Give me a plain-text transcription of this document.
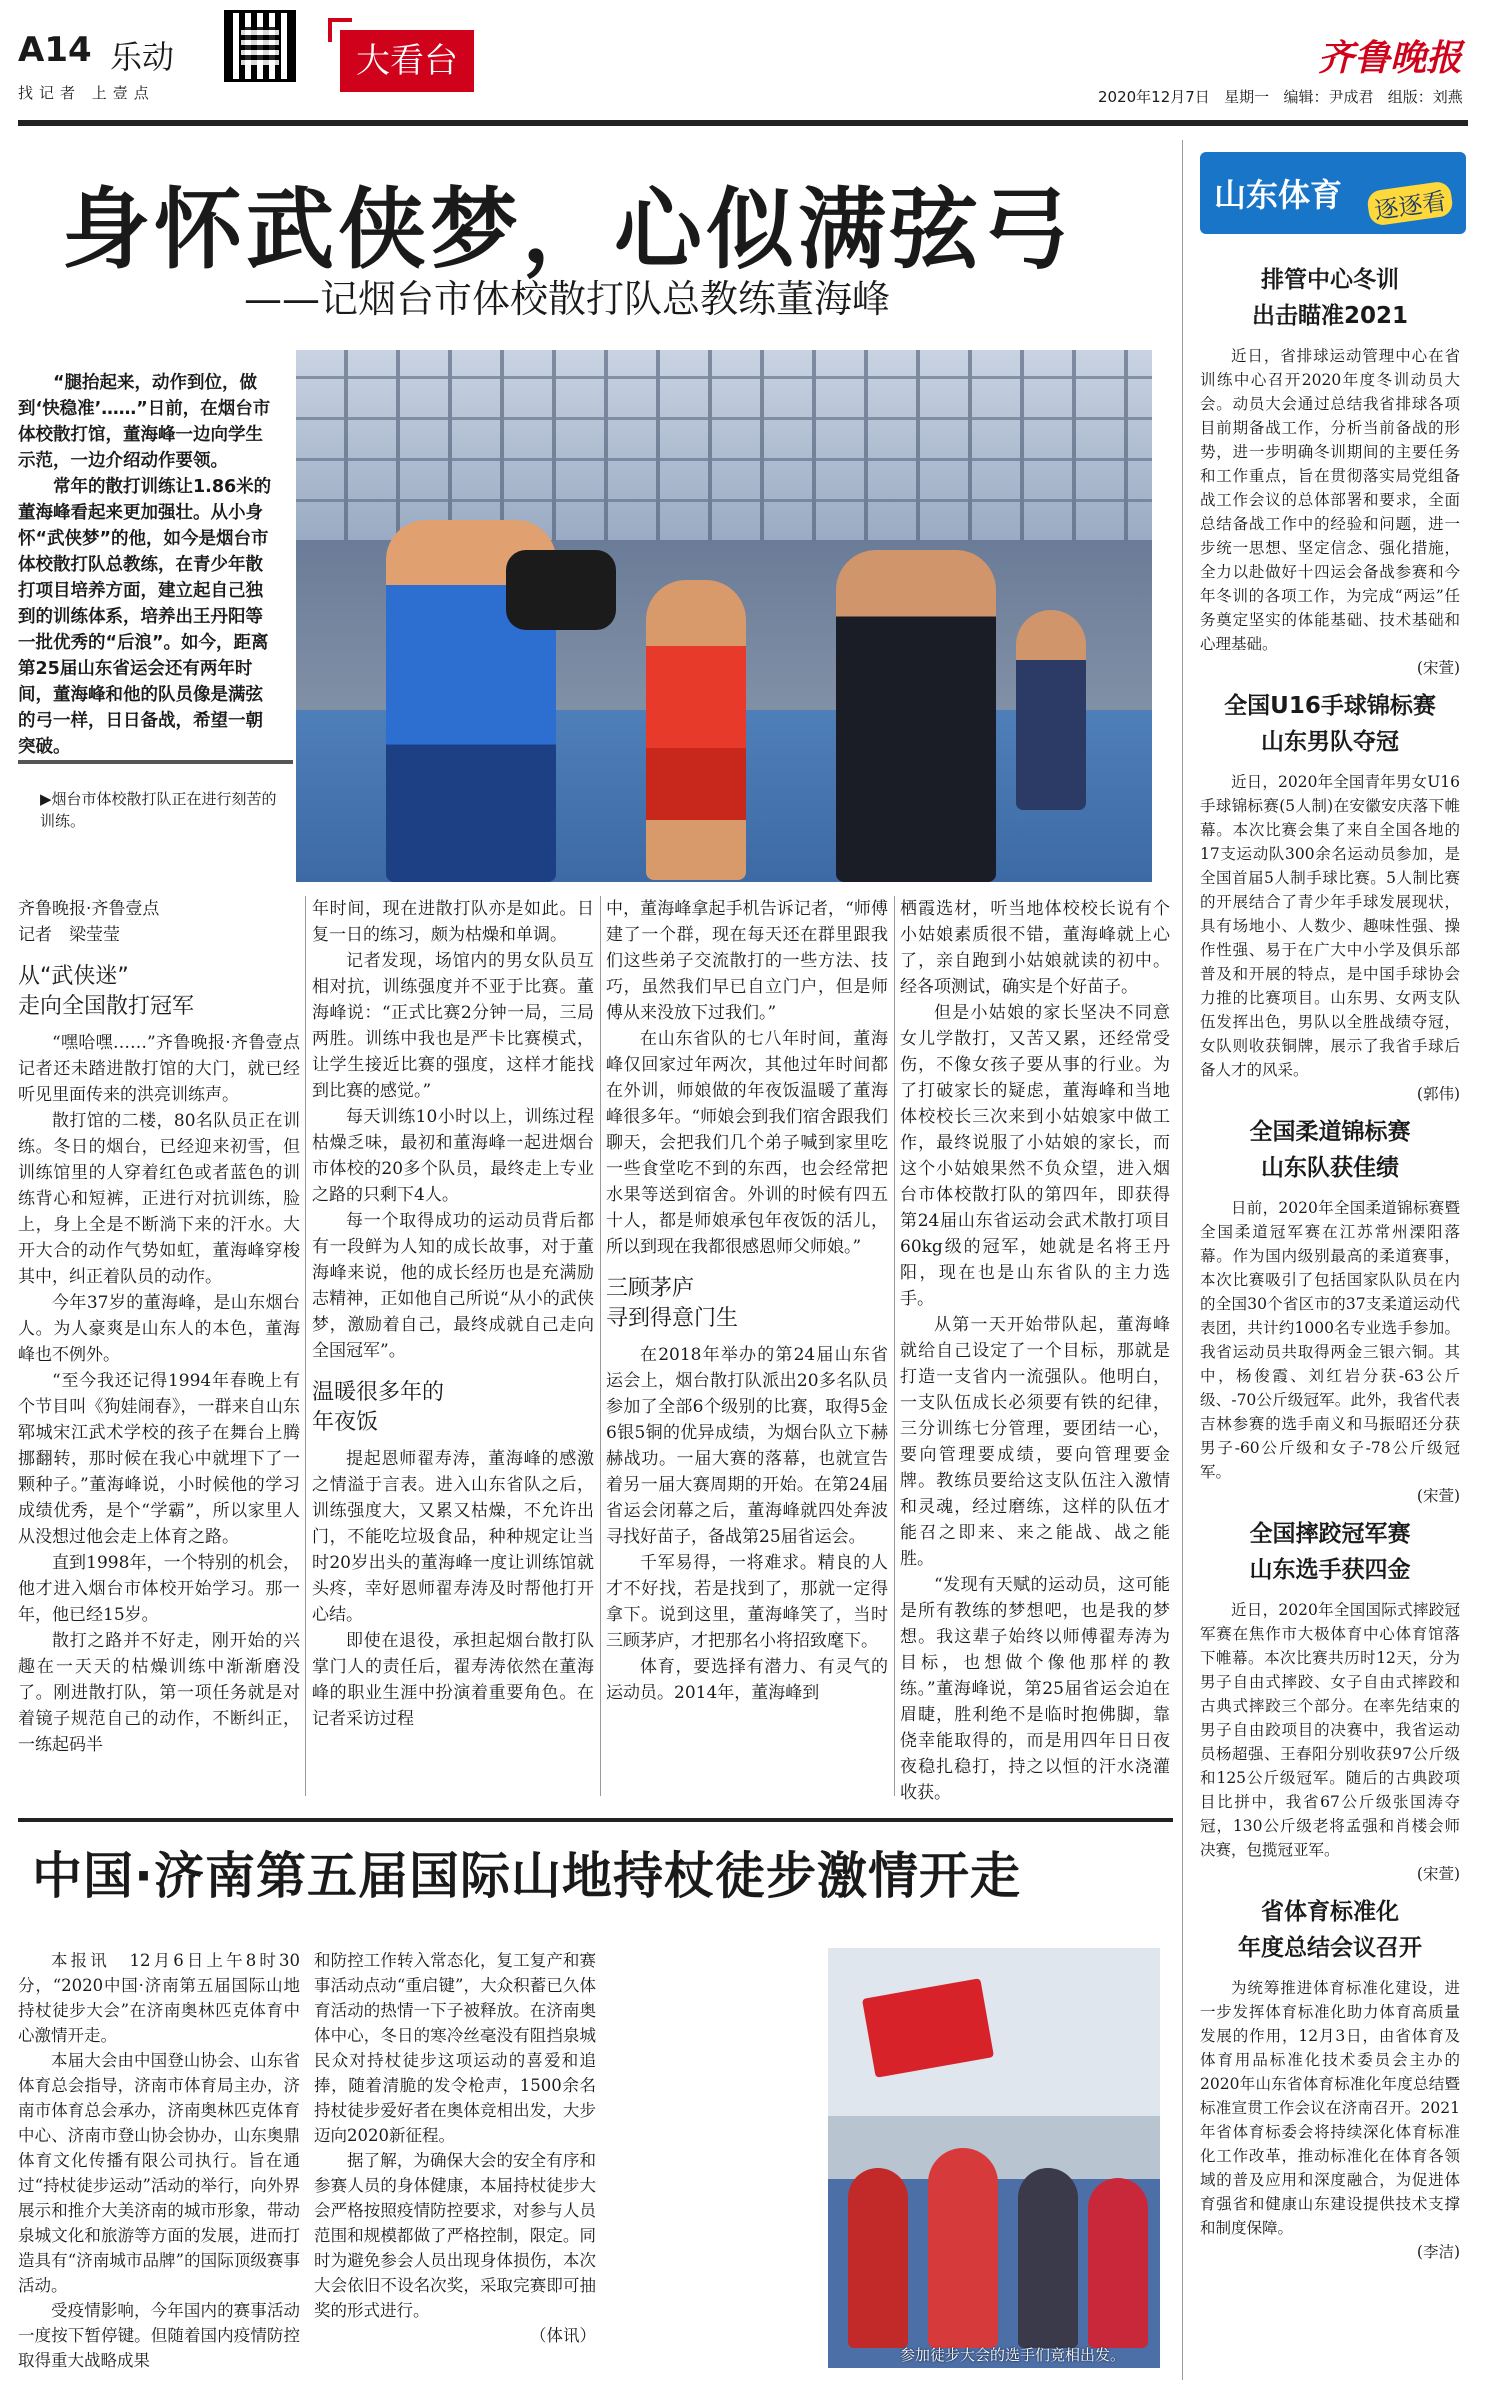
A14 乐动
找记者 上壹点
大看台	齐鲁晚报
2020年12月7日 星期一 编辑：尹成君 组版：刘燕
身怀武侠梦，心似满弦弓
——记烟台市体校散打队总教练董海峰

“腿抬起来，动作到位，做到‘快稳准’……”日前，在烟台市体校散打馆，董海峰一边向学生示范，一边介绍动作要领。

常年的散打训练让1.86米的董海峰看起来更加强壮。从小身怀“武侠梦”的他，如今是烟台市体校散打队总教练，在青少年散打项目培养方面，建立起自己独到的训练体系，培养出王丹阳等一批优秀的“后浪”。如今，距离第25届山东省运会还有两年时间，董海峰和他的队员像是满弦的弓一样，日日备战，希望一朝突破。

▶烟台市体校散打队正在进行刻苦的训练。
齐鲁晚报·齐鲁壹点
记者　梁莹莹
从“武侠迷”
走向全国散打冠军

“嘿哈嘿……”齐鲁晚报·齐鲁壹点记者还未踏进散打馆的大门，就已经听见里面传来的洪亮训练声。

散打馆的二楼，80名队员正在训练。冬日的烟台，已经迎来初雪，但训练馆里的人穿着红色或者蓝色的训练背心和短裤，正进行对抗训练，脸上，身上全是不断淌下来的汗水。大开大合的动作气势如虹，董海峰穿梭其中，纠正着队员的动作。

今年37岁的董海峰，是山东烟台人。为人豪爽是山东人的本色，董海峰也不例外。

“至今我还记得1994年春晚上有个节目叫《狗娃闹春》，一群来自山东郓城宋江武术学校的孩子在舞台上腾挪翻转，那时候在我心中就埋下了一颗种子。”董海峰说，小时候他的学习成绩优秀，是个“学霸”，所以家里人从没想过他会走上体育之路。

直到1998年，一个特别的机会，他才进入烟台市体校开始学习。那一年，他已经15岁。

散打之路并不好走，刚开始的兴趣在一天天的枯燥训练中渐渐磨没了。刚进散打队，第一项任务就是对着镜子规范自己的动作，不断纠正，一练起码半

年时间，现在进散打队亦是如此。日复一日的练习，颇为枯燥和单调。

记者发现，场馆内的男女队员互相对抗，训练强度并不亚于比赛。董海峰说：“正式比赛2分钟一局，三局两胜。训练中我也是严卡比赛模式，让学生接近比赛的强度，这样才能找到比赛的感觉。”

每天训练10小时以上，训练过程枯燥乏味，最初和董海峰一起进烟台市体校的20多个队员，最终走上专业之路的只剩下4人。

每一个取得成功的运动员背后都有一段鲜为人知的成长故事，对于董海峰来说，他的成长经历也是充满励志精神，正如他自己所说“从小的武侠梦，激励着自己，最终成就自己走向全国冠军”。

温暖很多年的
年夜饭

提起恩师翟寿涛，董海峰的感激之情溢于言表。进入山东省队之后，训练强度大，又累又枯燥，不允许出门，不能吃垃圾食品，种种规定让当时20岁出头的董海峰一度让训练馆就头疼，幸好恩师翟寿涛及时帮他打开心结。

即使在退役，承担起烟台散打队掌门人的责任后，翟寿涛依然在董海峰的职业生涯中扮演着重要角色。在记者采访过程

中，董海峰拿起手机告诉记者，“师傅建了一个群，现在每天还在群里跟我们这些弟子交流散打的一些方法、技巧，虽然我们早已自立门户，但是师傅从来没放下过我们。”

在山东省队的七八年时间，董海峰仅回家过年两次，其他过年时间都在外训，师娘做的年夜饭温暖了董海峰很多年。“师娘会到我们宿舍跟我们聊天，会把我们几个弟子喊到家里吃一些食堂吃不到的东西，也会经常把水果等送到宿舍。外训的时候有四五十人，都是师娘承包年夜饭的活儿，所以到现在我都很感恩师父师娘。”

三顾茅庐
寻到得意门生

在2018年举办的第24届山东省运会上，烟台散打队派出20多名队员参加了全部6个级别的比赛，取得5金6银5铜的优异成绩，为烟台队立下赫赫战功。一届大赛的落幕，也就宣告着另一届大赛周期的开始。在第24届省运会闭幕之后，董海峰就四处奔波寻找好苗子，备战第25届省运会。

千军易得，一将难求。精良的人才不好找，若是找到了，那就一定得拿下。说到这里，董海峰笑了，当时三顾茅庐，才把那名小将招致麾下。

体育，要选择有潜力、有灵气的运动员。2014年，董海峰到

栖霞选材，听当地体校校长说有个小姑娘素质很不错，董海峰就上心了，亲自跑到小姑娘就读的初中。经各项测试，确实是个好苗子。

但是小姑娘的家长坚决不同意女儿学散打，又苦又累，还经常受伤，不像女孩子要从事的行业。为了打破家长的疑虑，董海峰和当地体校校长三次来到小姑娘家中做工作，最终说服了小姑娘的家长，而这个小姑娘果然不负众望，进入烟台市体校散打队的第四年，即获得第24届山东省运动会武术散打项目60kg级的冠军，她就是名将王丹阳，现在也是山东省队的主力选手。

从第一天开始带队起，董海峰就给自己设定了一个目标，那就是打造一支省内一流强队。他明白，一支队伍成长必须要有铁的纪律，三分训练七分管理，要团结一心，要向管理要成绩，要向管理要金牌。教练员要给这支队伍注入激情和灵魂，经过磨练，这样的队伍才能召之即来、来之能战、战之能胜。

“发现有天赋的运动员，这可能是所有教练的梦想吧，也是我的梦想。我这辈子始终以师傅翟寿涛为目标，也想做个像他那样的教练。”董海峰说，第25届省运会迫在眉睫，胜利绝不是临时抱佛脚，靠侥幸能取得的，而是用四年日日夜夜稳扎稳打，持之以恒的汗水浇灌收获。

中国·济南第五届国际山地持杖徒步激情开走

本报讯　12月6日上午8时30分，“2020中国·济南第五届国际山地持杖徒步大会”在济南奥林匹克体育中心激情开走。

本届大会由中国登山协会、山东省体育总会指导，济南市体育局主办，济南市体育总会承办，济南奥林匹克体育中心、济南市登山协会协办，山东奥鼎体育文化传播有限公司执行。旨在通过“持杖徒步运动”活动的举行，向外界展示和推介大美济南的城市形象，带动泉城文化和旅游等方面的发展，进而打造具有“济南城市品牌”的国际顶级赛事活动。

受疫情影响，今年国内的赛事活动一度按下暂停键。但随着国内疫情防控取得重大战略成果

和防控工作转入常态化，复工复产和赛事活动点动“重启键”，大众积蓄已久体育活动的热情一下子被释放。在济南奥体中心，冬日的寒冷丝毫没有阻挡泉城民众对持杖徒步这项运动的喜爱和追捧，随着清脆的发令枪声，1500余名持杖徒步爱好者在奥体竞相出发，大步迈向2020新征程。

据了解，为确保大会的安全有序和参赛人员的身体健康，本届持杖徒步大会严格按照疫情防控要求，对参与人员范围和规模都做了严格控制，限定。同时为避免参会人员出现身体损伤，本次大会依旧不设名次奖，采取完赛即可抽奖的形式进行。

（体讯）
参加徒步大会的选手们竟相出发。
山东体育 逐逐看
排管中心冬训
出击瞄准2021

近日，省排球运动管理中心在省训练中心召开2020年度冬训动员大会。动员大会通过总结我省排球各项目前期备战工作，分析当前备战的形势，进一步明确冬训期间的主要任务和工作重点，旨在贯彻落实局党组备战工作会议的总体部署和要求，全面总结备战工作中的经验和问题，进一步统一思想、坚定信念、强化措施，全力以赴做好十四运会备战参赛和今年冬训的各项工作，为完成“两运”任务奠定坚实的体能基础、技术基础和心理基础。

(宋萱)
全国U16手球锦标赛
山东男队夺冠

近日，2020年全国青年男女U16手球锦标赛(5人制)在安徽安庆落下帷幕。本次比赛会集了来自全国各地的17支运动队300余名运动员参加，是全国首届5人制手球比赛。5人制比赛的开展结合了青少年手球发展现状，具有场地小、人数少、趣味性强、操作性强、易于在广大中小学及俱乐部普及和开展的特点，是中国手球协会力推的比赛项目。山东男、女两支队伍发挥出色，男队以全胜战绩夺冠，女队则收获铜牌，展示了我省手球后备人才的风采。

(郭伟)
全国柔道锦标赛
山东队获佳绩

日前，2020年全国柔道锦标赛暨全国柔道冠军赛在江苏常州溧阳落幕。作为国内级别最高的柔道赛事，本次比赛吸引了包括国家队队员在内的全国30个省区市的37支柔道运动代表团，共计约1000名专业选手参加。我省运动员共取得两金三银六铜。其中，杨俊霞、刘红岩分获-63公斤级、-70公斤级冠军。此外，我省代表吉林参赛的选手南义和马振昭还分获男子-60公斤级和女子-78公斤级冠军。

(宋萱)
全国摔跤冠军赛
山东选手获四金

近日，2020年全国国际式摔跤冠军赛在焦作市大极体育中心体育馆落下帷幕。本次比赛共历时12天，分为男子自由式摔跤、女子自由式摔跤和古典式摔跤三个部分。在率先结束的男子自由跤项目的决赛中，我省运动员杨超强、王春阳分别收获97公斤级和125公斤级冠军。随后的古典跤项目比拼中，我省67公斤级张国涛夺冠，130公斤级老将孟强和肖楼会师决赛，包揽冠亚军。

(宋萱)
省体育标准化
年度总结会议召开

为统筹推进体育标准化建设，进一步发挥体育标准化助力体育高质量发展的作用，12月3日，由省体育及体育用品标准化技术委员会主办的2020年山东省体育标准化年度总结暨标准宣贯工作会议在济南召开。2021年省体育标委会将持续深化体育标准化工作改革，推动标准化在体育各领域的普及应用和深度融合，为促进体育强省和健康山东建设提供技术支撑和制度保障。

(李洁)
